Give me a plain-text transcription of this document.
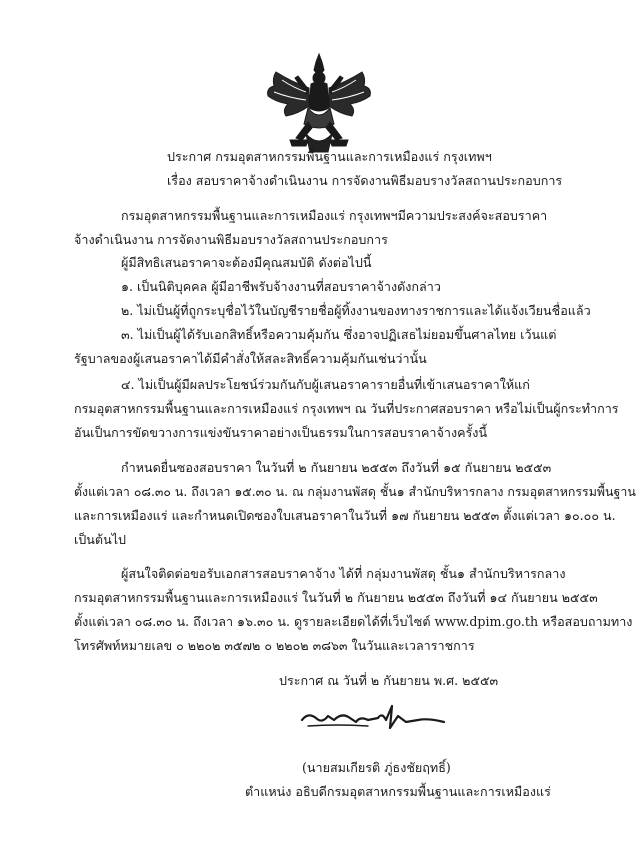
ประกาศ กรมอุตสาหกรรมพื้นฐานและการเหมืองแร่ กรุงเทพฯ
เรื่อง สอบราคาจ้างดำเนินงาน การจัดงานพิธีมอบรางวัลสถานประกอบการ
กรมอุตสาหกรรมพื้นฐานและการเหมืองแร่ กรุงเทพฯมีความประสงค์จะสอบราคา
จ้างดำเนินงาน การจัดงานพิธีมอบรางวัลสถานประกอบการ
ผู้มีสิทธิเสนอราคาจะต้องมีคุณสมบัติ ดังต่อไปนี้
๑. เป็นนิติบุคคล ผู้มีอาชีพรับจ้างงานที่สอบราคาจ้างดังกล่าว
๒. ไม่เป็นผู้ที่ถูกระบุชื่อไว้ในบัญชีรายชื่อผู้ทิ้งงานของทางราชการและได้แจ้งเวียนชื่อแล้ว
๓. ไม่เป็นผู้ได้รับเอกสิทธิ์หรือความคุ้มกัน ซึ่งอาจปฏิเสธไม่ยอมขึ้นศาลไทย เว้นแต่
รัฐบาลของผู้เสนอราคาได้มีคำสั่งให้สละสิทธิ์ความคุ้มกันเช่นว่านั้น
๔. ไม่เป็นผู้มีผลประโยชน์ร่วมกันกับผู้เสนอราคารายอื่นที่เข้าเสนอราคาให้แก่
กรมอุตสาหกรรมพื้นฐานและการเหมืองแร่ กรุงเทพฯ ณ วันที่ประกาศสอบราคา หรือไม่เป็นผู้กระทำการ
อันเป็นการขัดขวางการแข่งขันราคาอย่างเป็นธรรมในการสอบราคาจ้างครั้งนี้
กำหนดยื่นซองสอบราคา ในวันที่ ๒ กันยายน ๒๕๕๓ ถึงวันที่ ๑๕ กันยายน ๒๕๕๓
ตั้งแต่เวลา ๐๘.๓๐ น. ถึงเวลา ๑๕.๓๐ น. ณ กลุ่มงานพัสดุ ชั้น๑ สำนักบริหารกลาง กรมอุตสาหกรรมพื้นฐาน
และการเหมืองแร่ และกำหนดเปิดซองใบเสนอราคาในวันที่ ๑๗ กันยายน ๒๕๕๓ ตั้งแต่เวลา ๑๐.๐๐ น.
เป็นต้นไป
ผู้สนใจติดต่อขอรับเอกสารสอบราคาจ้าง ได้ที่ กลุ่มงานพัสดุ ชั้น๑ สำนักบริหารกลาง
กรมอุตสาหกรรมพื้นฐานและการเหมืองแร่ ในวันที่ ๒ กันยายน ๒๕๕๓ ถึงวันที่ ๑๔ กันยายน ๒๕๕๓
ตั้งแต่เวลา ๐๘.๓๐ น. ถึงเวลา ๑๖.๓๐ น. ดูรายละเอียดได้ที่เว็บไซต์ www.dpim.go.th หรือสอบถามทาง
โทรศัพท์หมายเลข ๐ ๒๒๐๒ ๓๕๗๒ ๐ ๒๒๐๒ ๓๘๖๓ ในวันและเวลาราชการ
ประกาศ ณ วันที่ ๒ กันยายน พ.ศ. ๒๕๕๓
(นายสมเกียรติ ภู่ธงชัยฤทธิ์)
ตำแหน่ง อธิบดีกรมอุตสาหกรรมพื้นฐานและการเหมืองแร่
